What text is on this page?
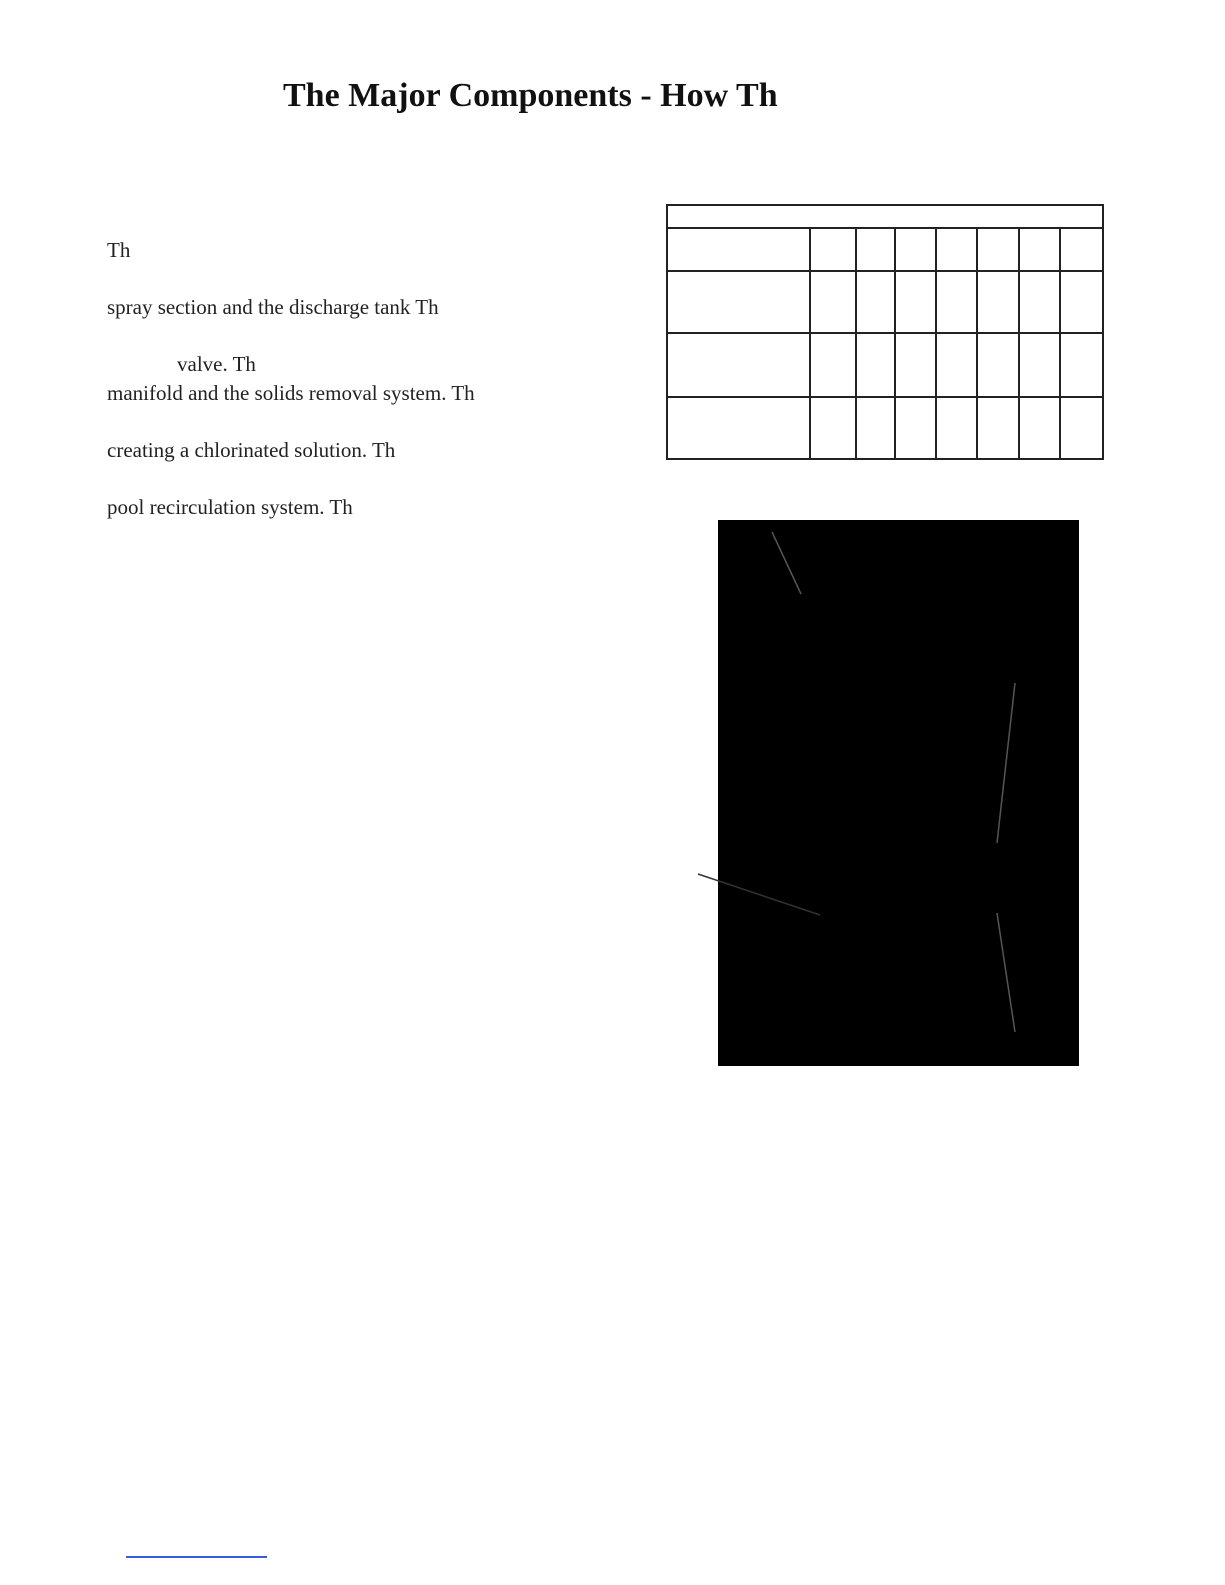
The Major Components - How Th
Th
spray section and the discharge tank Th
valve. Th
manifold and the solids removal system. Th
creating a chlorinated solution. Th
pool recirculation system. Th
